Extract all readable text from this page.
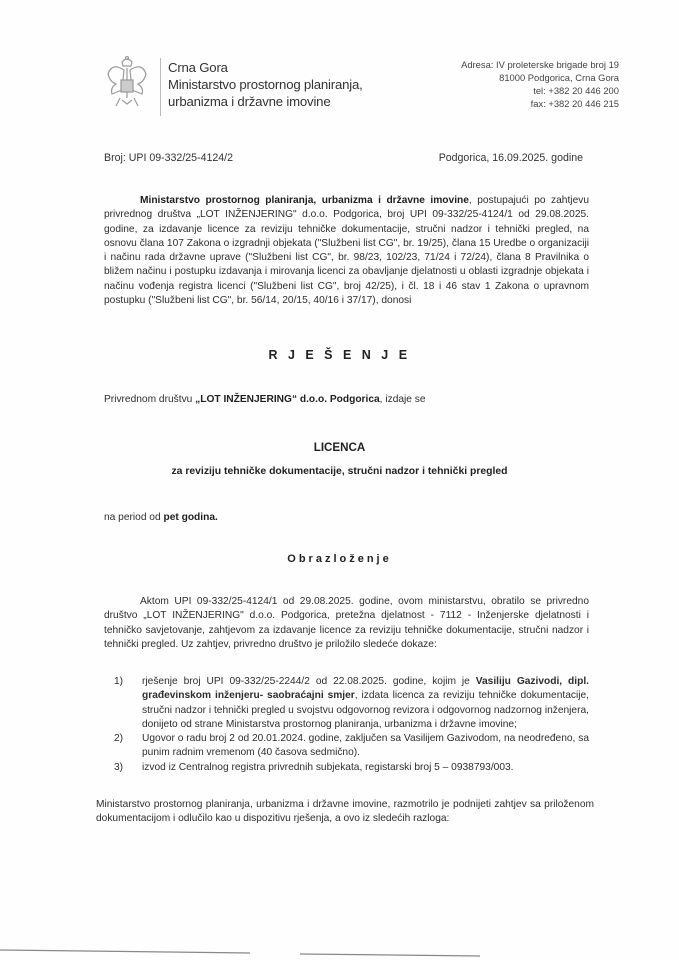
Crna Gora
Ministarstvo prostornog planiranja,
urbanizma i državne imovine
Adresa: IV proleterske brigade broj 19
81000 Podgorica, Crna Gora
tel: +382 20 446 200
fax: +382 20 446 215
Broj: UPI 09-332/25-4124/2	Podgorica, 16.09.2025. godine
Ministarstvo prostornog planiranja, urbanizma i državne imovine, postupajući po zahtjevu privrednog društva „LOT INŽENJERING" d.o.o. Podgorica, broj UPI 09-332/25-4124/1 od 29.08.2025. godine, za izdavanje licence za reviziju tehničke dokumentacije, stručni nadzor i tehnički pregled, na osnovu člana 107 Zakona o izgradnji objekata ("Službeni list CG", br. 19/25), člana 15 Uredbe o organizaciji i načinu rada državne uprave ("Službeni list CG", br. 98/23, 102/23, 71/24 i 72/24), člana 8 Pravilnika o bližem načinu i postupku izdavanja i mirovanja licenci za obavljanje djelatnosti u oblasti izgradnje objekata i načinu vođenja registra licenci ("Službeni list CG", broj 42/25), i čl. 18 i 46 stav 1 Zakona o upravnom postupku ("Službeni list CG", br. 56/14, 20/15, 40/16 i 37/17), donosi
R J E Š E N J E
Privrednom društvu „LOT INŽENJERING“ d.o.o. Podgorica, izdaje se
LICENCA
za reviziju tehničke dokumentacije, stručni nadzor i tehnički pregled
na period od pet godina.
Obrazloženje
Aktom UPI 09-332/25-4124/1 od 29.08.2025. godine, ovom ministarstvu, obratilo se privredno društvo „LOT INŽENJERING" d.o.o. Podgorica, pretežna djelatnost - 7112 - Inženjerske djelatnosti i tehničko savjetovanje, zahtjevom za izdavanje licence za reviziju tehničke dokumentacije, stručni nadzor i tehnički pregled. Uz zahtjev, privredno društvo je priložilo sledeće dokaze:
1)	rješenje broj UPI 09-332/25-2244/2 od 22.08.2025. godine, kojim je Vasiliju Gazivodi, dipl. građevinskom inženjeru- saobraćajni smjer, izdata licenca za reviziju tehničke dokumentacije, stručni nadzor i tehnički pregled u svojstvu odgovornog revizora i odgovornog nadzornog inženjera, donijeto od strane Ministarstva prostornog planiranja, urbanizma i državne imovine;
2)	Ugovor o radu broj 2 od 20.01.2024. godine, zaključen sa Vasilijem Gazivodom, na neodređeno, sa punim radnim vremenom (40 časova sedmično).
3)	izvod iz Centralnog registra privrednih subjekata, registarski broj 5 – 0938793/003.
Ministarstvo prostornog planiranja, urbanizma i državne imovine, razmotrilo je podnijeti zahtjev sa priloženom dokumentacijom i odlučilo kao u dispozitivu rješenja, a ovo iz sledećih razloga:
